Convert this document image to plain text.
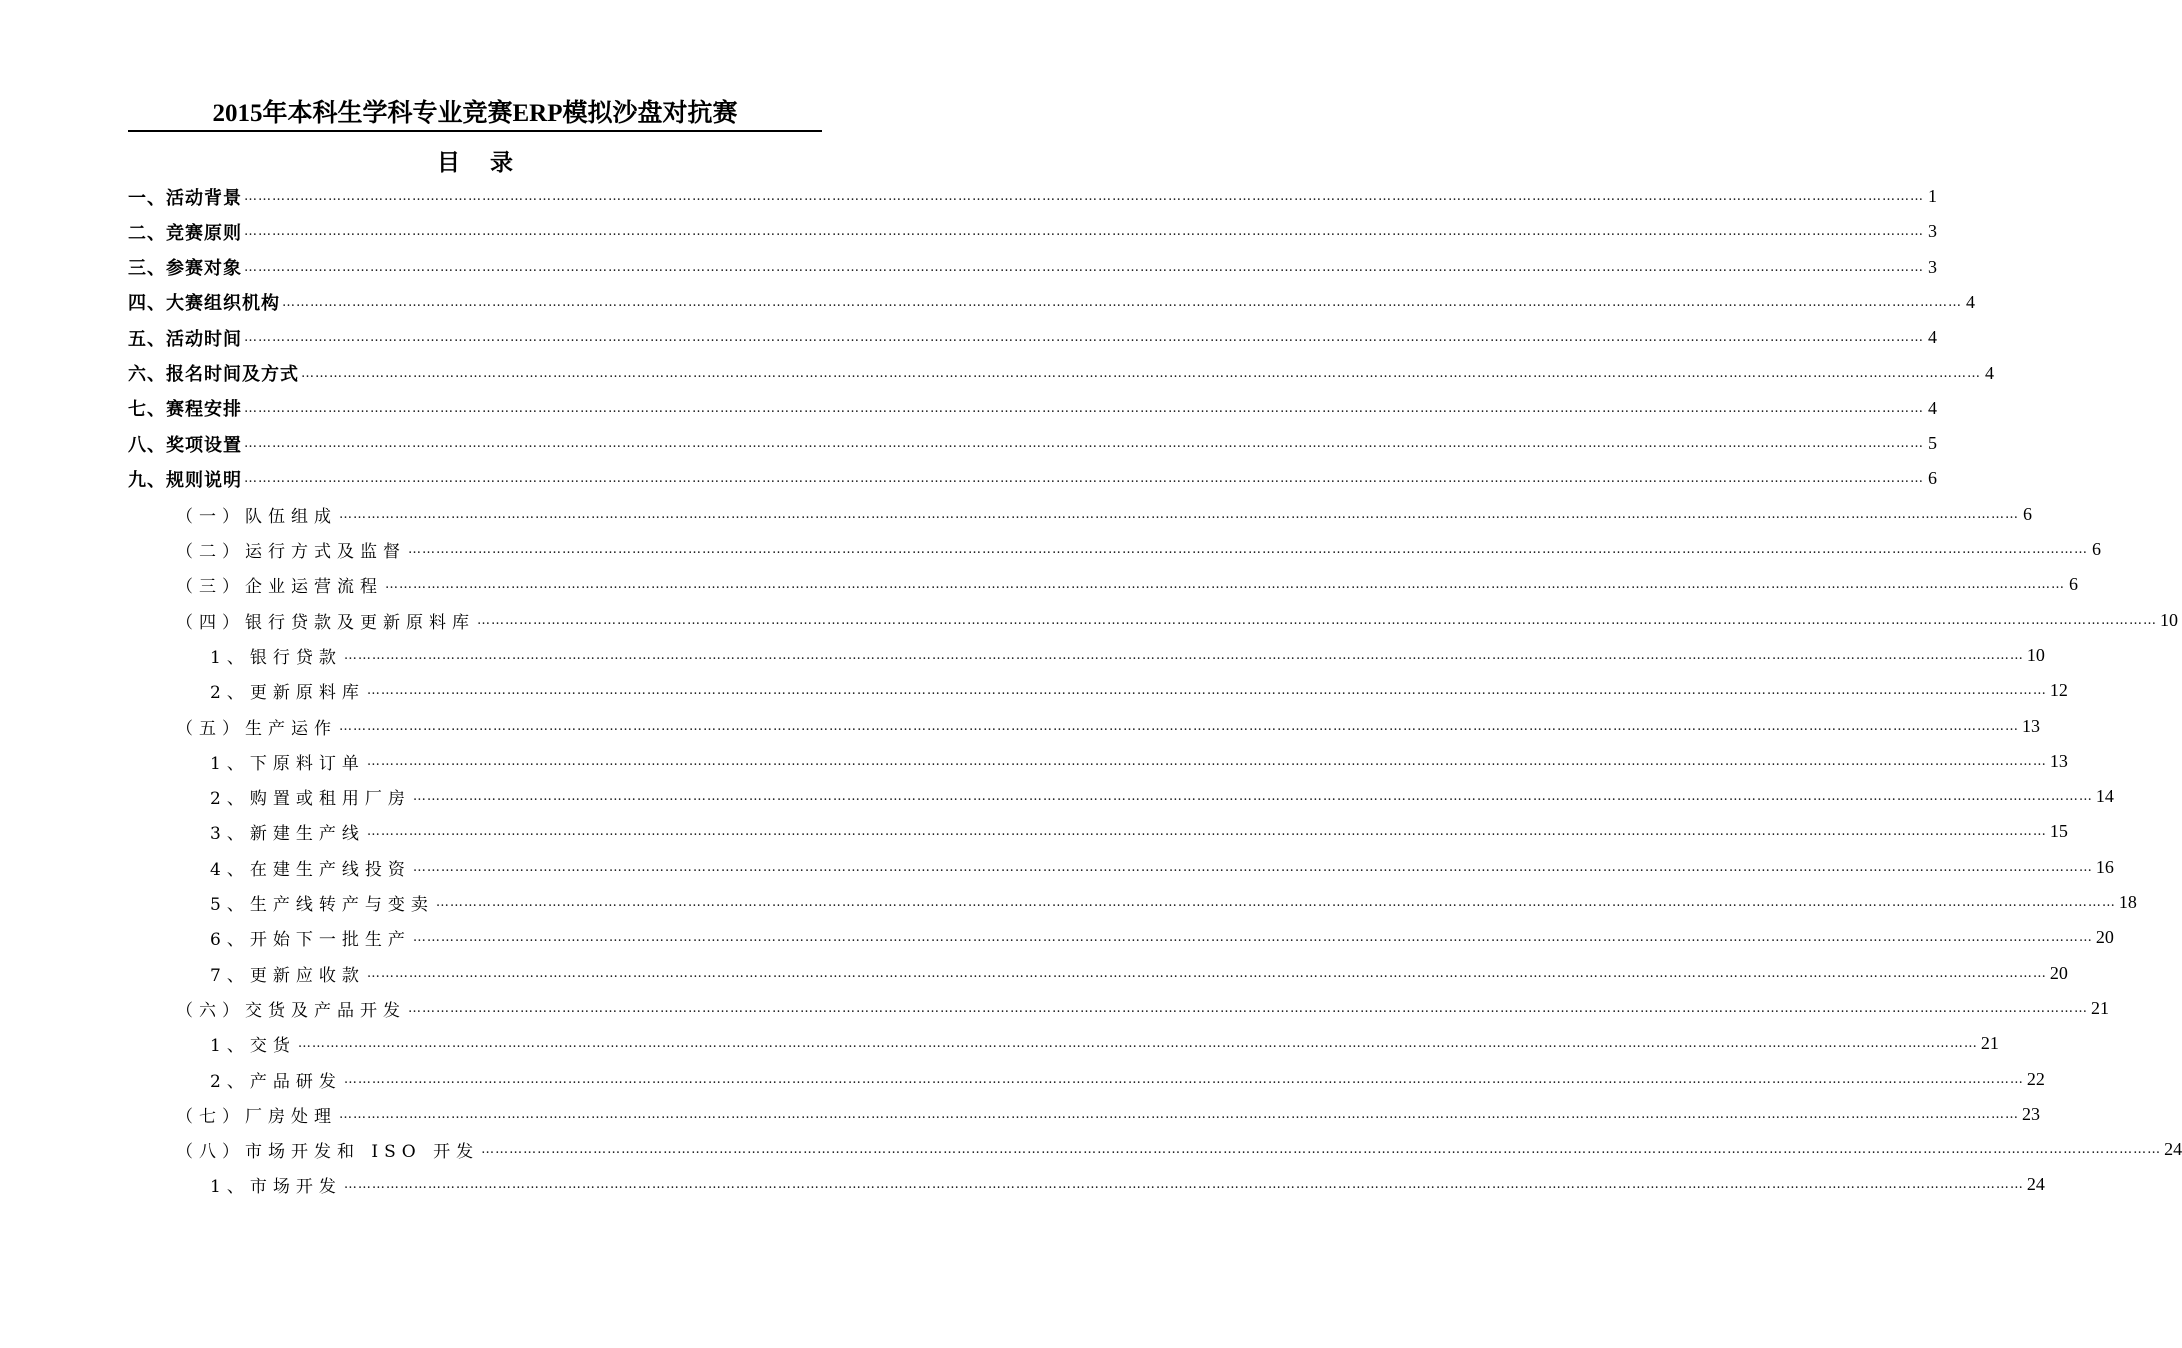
2015年本科生学科专业竞赛ERP模拟沙盘对抗赛
目录
一、活动背景 ……………………………………………………………………………………………………………………………………………………………………………………………………………………………………………………………………………………………………………………………… 1
二、竞赛原则 ……………………………………………………………………………………………………………………………………………………………………………………………………………………………………………………………………………………………………………………………… 3
三、参赛对象 ……………………………………………………………………………………………………………………………………………………………………………………………………………………………………………………………………………………………………………………………… 3
四、大赛组织机构 ……………………………………………………………………………………………………………………………………………………………………………………………………………………………………………………………………………………………………………………………… 4
五、活动时间 ……………………………………………………………………………………………………………………………………………………………………………………………………………………………………………………………………………………………………………………………… 4
六、报名时间及方式 ……………………………………………………………………………………………………………………………………………………………………………………………………………………………………………………………………………………………………………………………… 4
七、赛程安排 ……………………………………………………………………………………………………………………………………………………………………………………………………………………………………………………………………………………………………………………………… 4
八、奖项设置 ……………………………………………………………………………………………………………………………………………………………………………………………………………………………………………………………………………………………………………………………… 5
九、规则说明 ……………………………………………………………………………………………………………………………………………………………………………………………………………………………………………………………………………………………………………………………… 6
（一）队伍组成 ……………………………………………………………………………………………………………………………………………………………………………………………………………………………………………………………………………………………………………………………… 6
（二）运行方式及监督 ……………………………………………………………………………………………………………………………………………………………………………………………………………………………………………………………………………………………………………………………… 6
（三）企业运营流程 ……………………………………………………………………………………………………………………………………………………………………………………………………………………………………………………………………………………………………………………………… 6
（四）银行贷款及更新原料库 ……………………………………………………………………………………………………………………………………………………………………………………………………………………………………………………………………………………………………………………………… 10
1、银行贷款 ……………………………………………………………………………………………………………………………………………………………………………………………………………………………………………………………………………………………………………………………… 10
2、更新原料库 ……………………………………………………………………………………………………………………………………………………………………………………………………………………………………………………………………………………………………………………………… 12
（五）生产运作 ……………………………………………………………………………………………………………………………………………………………………………………………………………………………………………………………………………………………………………………………… 13
1、下原料订单 ……………………………………………………………………………………………………………………………………………………………………………………………………………………………………………………………………………………………………………………………… 13
2、购置或租用厂房 ……………………………………………………………………………………………………………………………………………………………………………………………………………………………………………………………………………………………………………………………… 14
3、新建生产线 ……………………………………………………………………………………………………………………………………………………………………………………………………………………………………………………………………………………………………………………………… 15
4、在建生产线投资 ……………………………………………………………………………………………………………………………………………………………………………………………………………………………………………………………………………………………………………………………… 16
5、生产线转产与变卖 ……………………………………………………………………………………………………………………………………………………………………………………………………………………………………………………………………………………………………………………………… 18
6、开始下一批生产 ……………………………………………………………………………………………………………………………………………………………………………………………………………………………………………………………………………………………………………………………… 20
7、更新应收款 ……………………………………………………………………………………………………………………………………………………………………………………………………………………………………………………………………………………………………………………………… 20
（六）交货及产品开发 ……………………………………………………………………………………………………………………………………………………………………………………………………………………………………………………………………………………………………………………………… 21
1、交货 ……………………………………………………………………………………………………………………………………………………………………………………………………………………………………………………………………………………………………………………………… 21
2、产品研发 ……………………………………………………………………………………………………………………………………………………………………………………………………………………………………………………………………………………………………………………………… 22
（七）厂房处理 ……………………………………………………………………………………………………………………………………………………………………………………………………………………………………………………………………………………………………………………………… 23
（八）市场开发和 ISO 开发 ……………………………………………………………………………………………………………………………………………………………………………………………………………………………………………………………………………………………………………………………… 24
1、市场开发 ……………………………………………………………………………………………………………………………………………………………………………………………………………………………………………………………………………………………………………………………… 24
